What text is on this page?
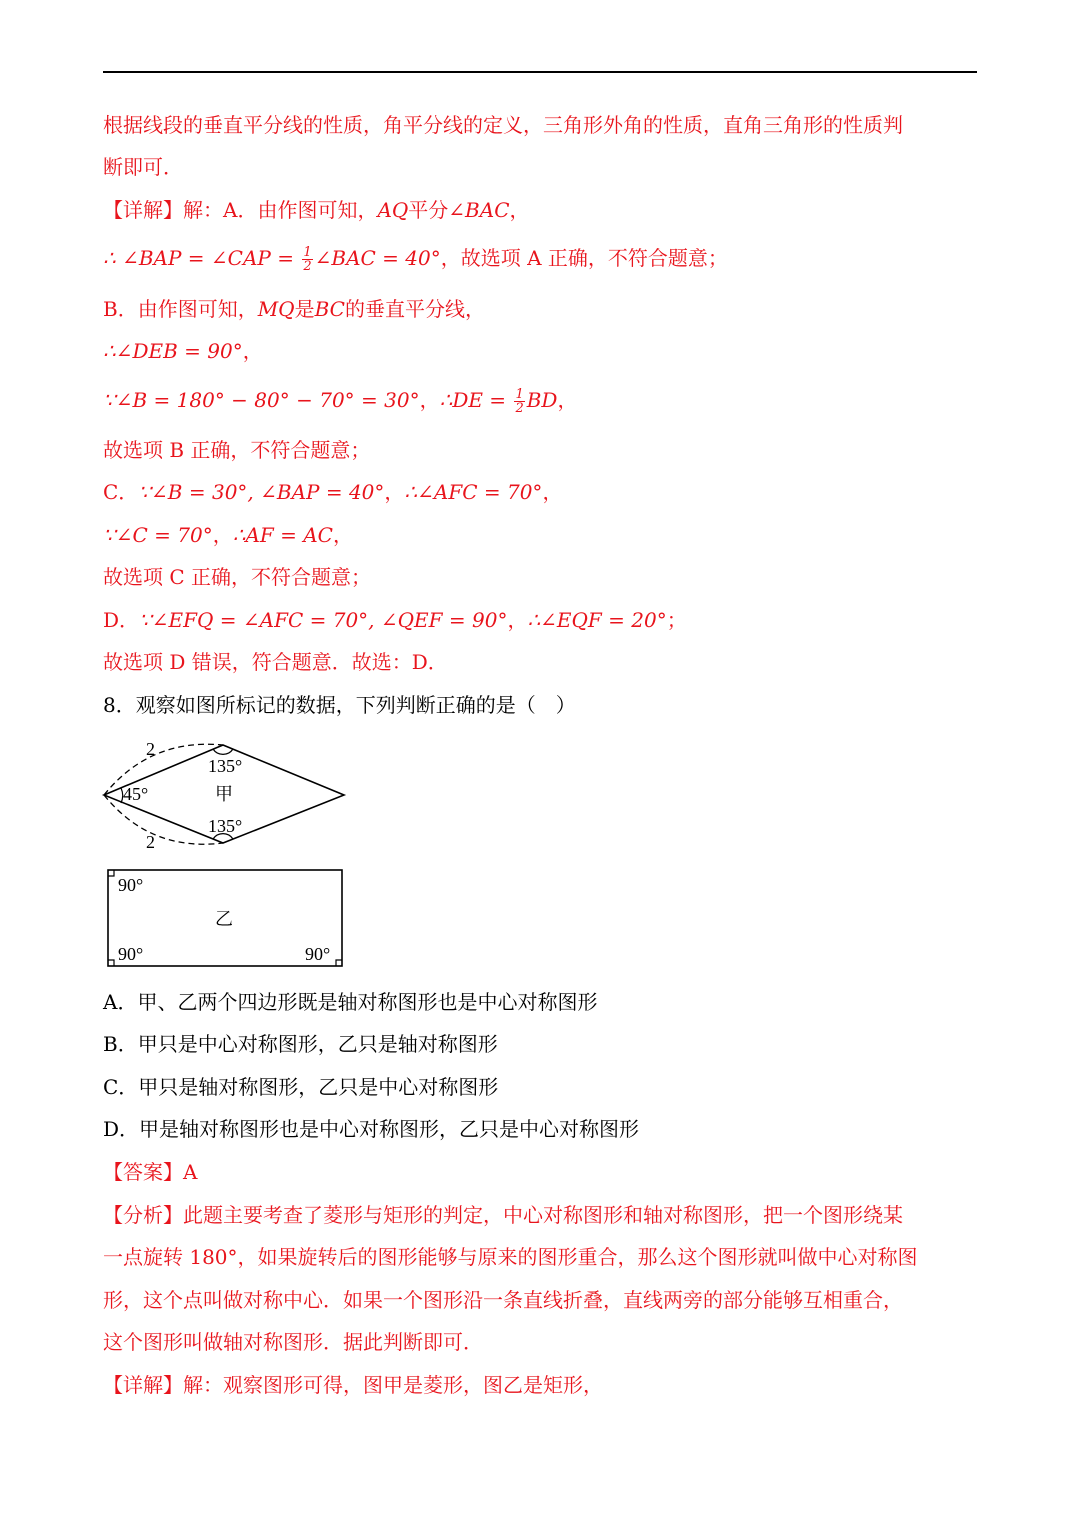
根据线段的垂直平分线的性质，角平分线的定义，三角形外角的性质，直角三角形的性质判
断即可．
【详解】解：A．由作图可知，AQ平分∠BAC，
∴ ∠BAP = ∠CAP = $\frac{1}{2}$ ∠BAC = 40°，故选项 A 正确，不符合题意；
B．由作图可知，MQ是BC的垂直平分线，
∴∠DEB = 90°，
∵∠B = 180° − 80° − 70° = 30°，∴DE = $\frac{1}{2}$ BD，
故选项 B 正确，不符合题意；
C．∵∠B = 30°, ∠BAP = 40°，∴∠AFC = 70°，
∵∠C = 70°，∴AF = AC，
故选项 C 正确，不符合题意；
D．∵∠EFQ = ∠AFC = 70°, ∠QEF = 90°，∴∠EQF = 20°；
故选项 D 错误，符合题意．故选：D．
8．观察如图所标记的数据，下列判断正确的是（　）
2
135°
45°	甲
135°
2
90°
乙
90°	90°
A．甲、乙两个四边形既是轴对称图形也是中心对称图形
B．甲只是中心对称图形，乙只是轴对称图形
C．甲只是轴对称图形，乙只是中心对称图形
D．甲是轴对称图形也是中心对称图形，乙只是中心对称图形
【答案】A
【分析】此题主要考查了菱形与矩形的判定，中心对称图形和轴对称图形，把一个图形绕某
一点旋转 180°，如果旋转后的图形能够与原来的图形重合，那么这个图形就叫做中心对称图
形，这个点叫做对称中心．如果一个图形沿一条直线折叠，直线两旁的部分能够互相重合，
这个图形叫做轴对称图形．据此判断即可．
【详解】解：观察图形可得，图甲是菱形，图乙是矩形，
